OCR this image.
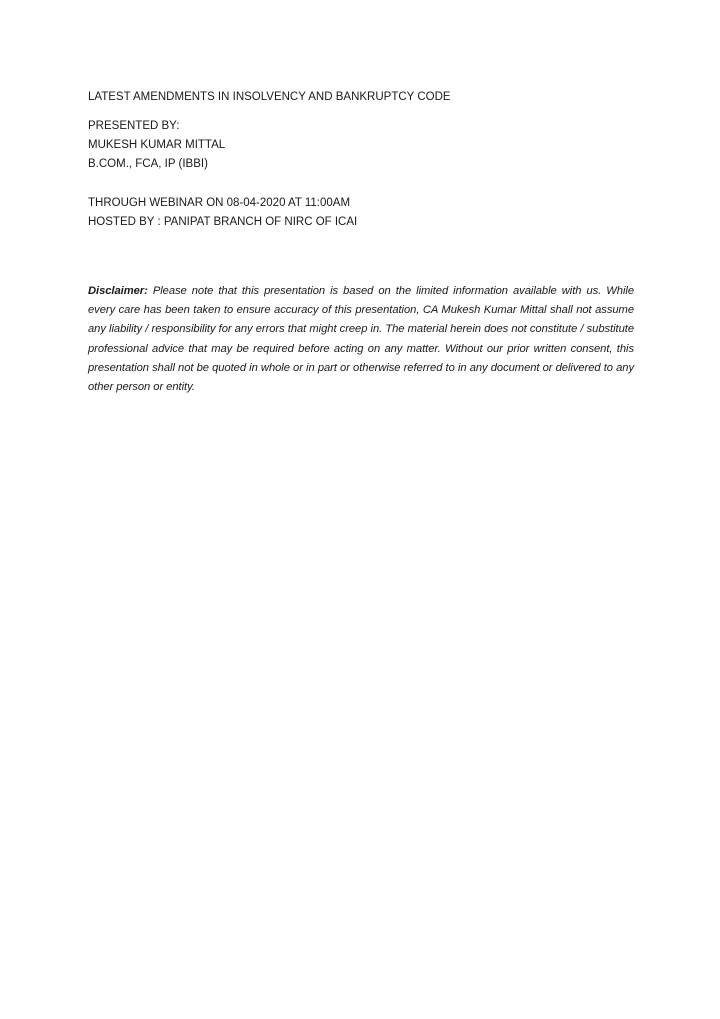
LATEST AMENDMENTS IN INSOLVENCY AND BANKRUPTCY CODE

PRESENTED BY:

MUKESH KUMAR MITTAL

B.COM., FCA, IP (IBBI)

THROUGH WEBINAR ON 08-04-2020 AT 11:00AM

HOSTED BY : PANIPAT BRANCH OF NIRC OF ICAI

Disclaimer: Please note that this presentation is based on the limited information available with us. While every care has been taken to ensure accuracy of this presentation, CA Mukesh Kumar Mittal shall not assume any liability / responsibility for any errors that might creep in. The material herein does not constitute / substitute professional advice that may be required before acting on any matter. Without our prior written consent, this presentation shall not be quoted in whole or in part or otherwise referred to in any document or delivered to any other person or entity.
